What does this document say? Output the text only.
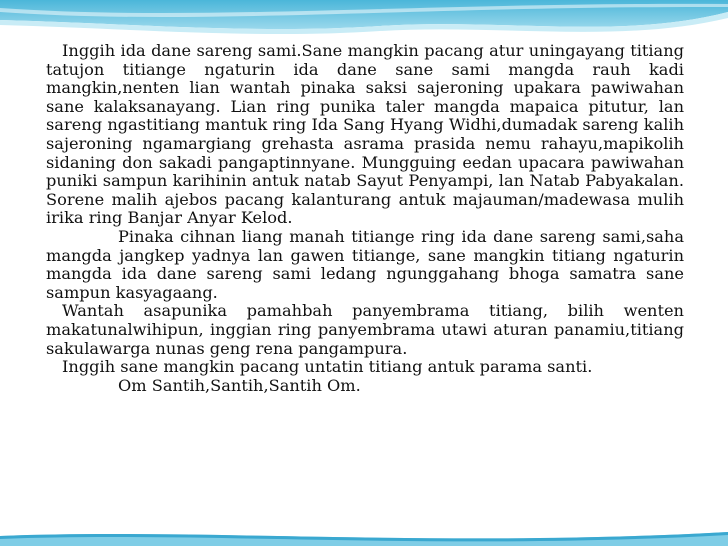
Inggih ida dane sareng sami.Sane mangkin pacang atur uningayang titiang tatujon titiange ngaturin ida dane sane sami mangda rauh kadi mangkin,nenten lian wantah pinaka saksi sajeroning upakara pawiwahan sane kalaksanayang. Lian ring punika taler mangda mapaica pitutur, lan sareng ngastitiang mantuk ring Ida Sang Hyang Widhi,dumadak sareng kalih sajeroning ngamargiang grehasta asrama prasida nemu rahayu,mapikolih sidaning don sakadi pangaptinnyane. Mungguing eedan upacara pawiwahan puniki sampun karihinin antuk natab Sayut Penyampi, lan Natab Pabyakalan. Sorene malih ajebos pacang kalanturang antuk majauman/madewasa mulih irika ring Banjar Anyar Kelod.

Pinaka cihnan liang manah titiange ring ida dane sareng sami,saha mangda jangkep yadnya lan gawen titiange, sane mangkin titiang ngaturin mangda ida dane sareng sami ledang ngunggahang bhoga samatra sane sampun kasyagaang.

Wantah asapunika pamahbah panyembrama titiang, bilih wenten makatunalwihipun, inggian ring panyembrama utawi aturan panamiu,titiang sakulawarga nunas geng rena pangampura.

Inggih sane mangkin pacang untatin titiang antuk parama santi.

Om Santih,Santih,Santih Om.
